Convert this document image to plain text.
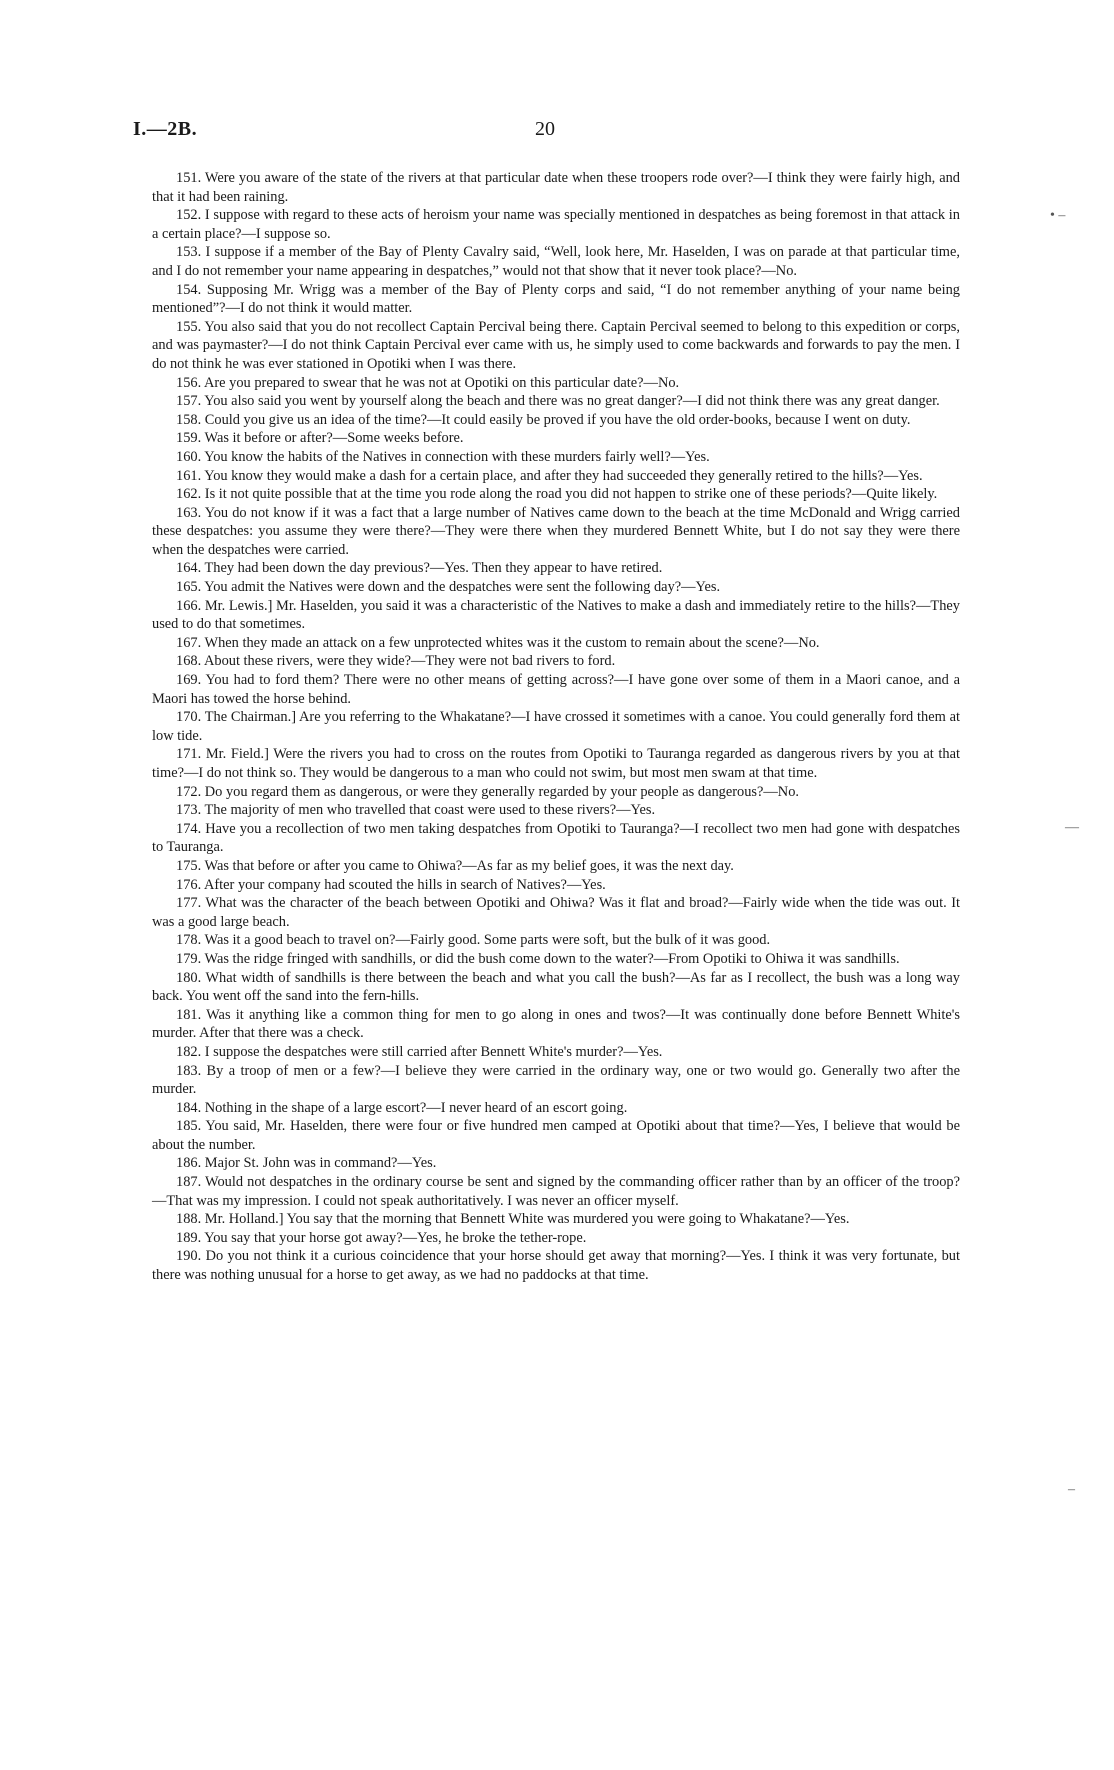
I.—2B.	20
• –
—
–

151. Were you aware of the state of the rivers at that particular date when these troopers rode over?—I think they were fairly high, and that it had been raining.

152. I suppose with regard to these acts of heroism your name was specially mentioned in despatches as being foremost in that attack in a certain place?—I suppose so.

153. I suppose if a member of the Bay of Plenty Cavalry said, “Well, look here, Mr. Haselden, I was on parade at that particular time, and I do not remember your name appearing in despatches,” would not that show that it never took place?—No.

154. Supposing Mr. Wrigg was a member of the Bay of Plenty corps and said, “I do not remember anything of your name being mentioned”?—I do not think it would matter.

155. You also said that you do not recollect Captain Percival being there. Captain Percival seemed to belong to this expedition or corps, and was paymaster?—I do not think Captain Percival ever came with us, he simply used to come backwards and forwards to pay the men. I do not think he was ever stationed in Opotiki when I was there.

156. Are you prepared to swear that he was not at Opotiki on this particular date?—No.

157. You also said you went by yourself along the beach and there was no great danger?—I did not think there was any great danger.

158. Could you give us an idea of the time?—It could easily be proved if you have the old order-books, because I went on duty.

159. Was it before or after?—Some weeks before.

160. You know the habits of the Natives in connection with these murders fairly well?—Yes.

161. You know they would make a dash for a certain place, and after they had succeeded they generally retired to the hills?—Yes.

162. Is it not quite possible that at the time you rode along the road you did not happen to strike one of these periods?—Quite likely.

163. You do not know if it was a fact that a large number of Natives came down to the beach at the time McDonald and Wrigg carried these despatches: you assume they were there?—They were there when they murdered Bennett White, but I do not say they were there when the despatches were carried.

164. They had been down the day previous?—Yes. Then they appear to have retired.

165. You admit the Natives were down and the despatches were sent the following day?—Yes.

166. Mr. Lewis.] Mr. Haselden, you said it was a characteristic of the Natives to make a dash and immediately retire to the hills?—They used to do that sometimes.

167. When they made an attack on a few unprotected whites was it the custom to remain about the scene?—No.

168. About these rivers, were they wide?—They were not bad rivers to ford.

169. You had to ford them? There were no other means of getting across?—I have gone over some of them in a Maori canoe, and a Maori has towed the horse behind.

170. The Chairman.] Are you referring to the Whakatane?—I have crossed it sometimes with a canoe. You could generally ford them at low tide.

171. Mr. Field.] Were the rivers you had to cross on the routes from Opotiki to Tauranga regarded as dangerous rivers by you at that time?—I do not think so. They would be dangerous to a man who could not swim, but most men swam at that time.

172. Do you regard them as dangerous, or were they generally regarded by your people as dangerous?—No.

173. The majority of men who travelled that coast were used to these rivers?—Yes.

174. Have you a recollection of two men taking despatches from Opotiki to Tauranga?—I recollect two men had gone with despatches to Tauranga.

175. Was that before or after you came to Ohiwa?—As far as my belief goes, it was the next day.

176. After your company had scouted the hills in search of Natives?—Yes.

177. What was the character of the beach between Opotiki and Ohiwa? Was it flat and broad?—Fairly wide when the tide was out. It was a good large beach.

178. Was it a good beach to travel on?—Fairly good. Some parts were soft, but the bulk of it was good.

179. Was the ridge fringed with sandhills, or did the bush come down to the water?—From Opotiki to Ohiwa it was sandhills.

180. What width of sandhills is there between the beach and what you call the bush?—As far as I recollect, the bush was a long way back. You went off the sand into the fern-hills.

181. Was it anything like a common thing for men to go along in ones and twos?—It was continually done before Bennett White's murder. After that there was a check.

182. I suppose the despatches were still carried after Bennett White's murder?—Yes.

183. By a troop of men or a few?—I believe they were carried in the ordinary way, one or two would go. Generally two after the murder.

184. Nothing in the shape of a large escort?—I never heard of an escort going.

185. You said, Mr. Haselden, there were four or five hundred men camped at Opotiki about that time?—Yes, I believe that would be about the number.

186. Major St. John was in command?—Yes.

187. Would not despatches in the ordinary course be sent and signed by the commanding officer rather than by an officer of the troop?—That was my impression. I could not speak authoritatively. I was never an officer myself.

188. Mr. Holland.] You say that the morning that Bennett White was murdered you were going to Whakatane?—Yes.

189. You say that your horse got away?—Yes, he broke the tether-rope.

190. Do you not think it a curious coincidence that your horse should get away that morning?—Yes. I think it was very fortunate, but there was nothing unusual for a horse to get away, as we had no paddocks at that time.
